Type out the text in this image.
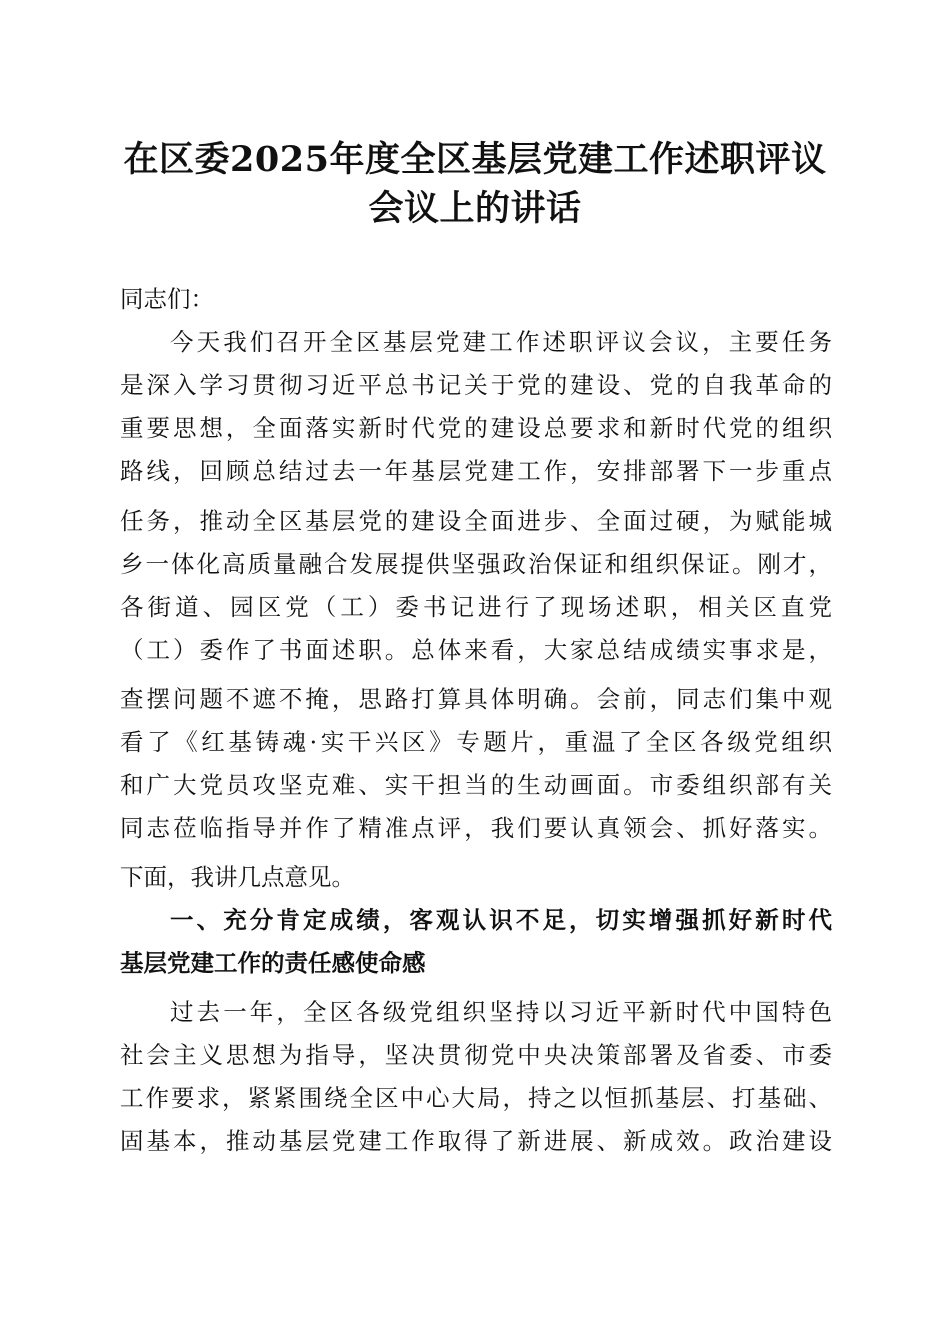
在区委2025年度全区基层党建工作述职评议
会议上的讲话
同志们：
今天我们召开全区基层党建工作述职评议会议，主要任务
是深入学习贯彻习近平总书记关于党的建设、党的自我革命的
重要思想，全面落实新时代党的建设总要求和新时代党的组织
路线，回顾总结过去一年基层党建工作，安排部署下一步重点
任务，推动全区基层党的建设全面进步、全面过硬，为赋能城
乡一体化高质量融合发展提供坚强政治保证和组织保证。刚才，
各街道、园区党（工）委书记进行了现场述职，相关区直党
（工）委作了书面述职。总体来看，大家总结成绩实事求是，
查摆问题不遮不掩，思路打算具体明确。会前，同志们集中观
看了《红基铸魂·实干兴区》专题片，重温了全区各级党组织
和广大党员攻坚克难、实干担当的生动画面。市委组织部有关
同志莅临指导并作了精准点评，我们要认真领会、抓好落实。
下面，我讲几点意见。
一、充分肯定成绩，客观认识不足，切实增强抓好新时代
基层党建工作的责任感使命感
过去一年，全区各级党组织坚持以习近平新时代中国特色
社会主义思想为指导，坚决贯彻党中央决策部署及省委、市委
工作要求，紧紧围绕全区中心大局，持之以恒抓基层、打基础、
固基本，推动基层党建工作取得了新进展、新成效。政治建设
